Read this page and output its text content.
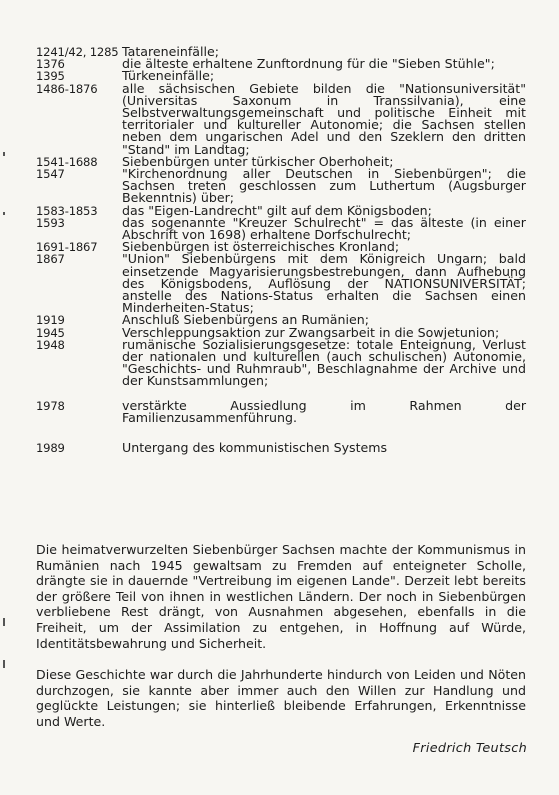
1241/42, 1285 Tatareneinfälle;
1376	die älteste erhaltene Zunftordnung für die "Sieben Stühle";
1395	Türkeneinfälle;
1486-1876	alle sächsischen Gebiete bilden die "Nationsuniversität" (Universitas Saxonum in Transsilvania), eine Selbstverwaltungsgemeinschaft und politische Einheit mit territorialer und kultureller Autonomie; die Sachsen stellen neben dem ungarischen Adel und den Szeklern den dritten "Stand" im Landtag;
1541-1688	Siebenbürgen unter türkischer Oberhoheit;
1547	"Kirchenordnung aller Deutschen in Siebenbürgen"; die Sachsen treten geschlossen zum Luthertum (Augsburger Bekenntnis) über;
1583-1853	das "Eigen-Landrecht" gilt auf dem Königsboden;
1593	das sogenannte "Kreuzer Schulrecht" = das älteste (in einer Abschrift von 1698) erhaltene Dorfschulrecht;
1691-1867	Siebenbürgen ist österreichisches Kronland;
1867	"Union" Siebenbürgens mit dem Königreich Ungarn; bald einsetzende Magyarisierungsbestrebungen, dann Aufhebung des Königsbodens, Auflösung der NATIONSUNIVERSITÄT; anstelle des Nations-Status erhalten die Sachsen einen Minderheiten-Status;
1919	Anschluß Siebenbürgens an Rumänien;
1945	Verschleppungsaktion zur Zwangsarbeit in die Sowjetunion;
1948	rumänische Sozialisierungsgesetze: totale Enteignung, Verlust der nationalen und kulturellen (auch schulischen) Autonomie, "Geschichts- und Ruhmraub", Beschlagnahme der Archive und der Kunstsammlungen;
1978	verstärkte Aussiedlung im Rahmen der Familienzusammenführung.
1989	Untergang des kommunistischen Systems

Die heimatverwurzelten Siebenbürger Sachsen machte der Kommunismus in Rumänien nach 1945 gewaltsam zu Fremden auf enteigneter Scholle, drängte sie in dauernde "Vertreibung im eigenen Lande". Derzeit lebt bereits der größere Teil von ihnen in westlichen Ländern. Der noch in Siebenbürgen verbliebene Rest drängt, von Ausnahmen abgesehen, ebenfalls in die Freiheit, um der Assimilation zu entgehen, in Hoffnung auf Würde, Identitätsbewahrung und Sicherheit.

Diese Geschichte war durch die Jahrhunderte hindurch von Leiden und Nöten durchzogen, sie kannte aber immer auch den Willen zur Handlung und geglückte Leistungen; sie hinterließ bleibende Erfahrungen, Erkenntnisse und Werte.

Friedrich Teutsch
